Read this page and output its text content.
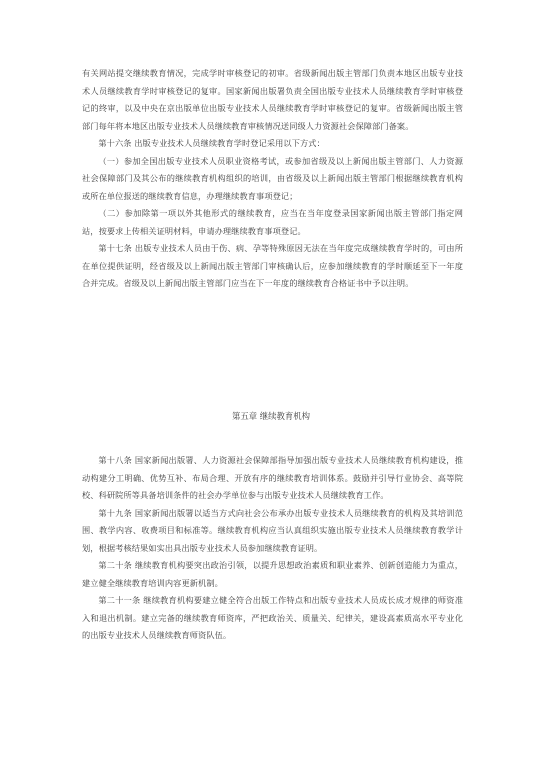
有关网站提交继续教育情况，完成学时审核登记的初审。省级新闻出版主管部门负责本地区出版专业技术人员继续教育学时审核登记的复审。国家新闻出版署负责全国出版专业技术人员继续教育学时审核登记的终审，以及中央在京出版单位出版专业技术人员继续教育学时审核登记的复审。省级新闻出版主管部门每年将本地区出版专业技术人员继续教育审核情况送同级人力资源社会保障部门备案。

第十六条 出版专业技术人员继续教育学时登记采用以下方式：

（一）参加全国出版专业技术人员职业资格考试，或参加省级及以上新闻出版主管部门、人力资源社会保障部门及其公布的继续教育机构组织的培训，由省级及以上新闻出版主管部门根据继续教育机构或所在单位报送的继续教育信息，办理继续教育事项登记；

（二）参加除第一项以外其他形式的继续教育，应当在当年度登录国家新闻出版主管部门指定网站，按要求上传相关证明材料，申请办理继续教育事项登记。

第十七条 出版专业技术人员由于伤、病、孕等特殊原因无法在当年度完成继续教育学时的，可由所在单位提供证明，经省级及以上新闻出版主管部门审核确认后，应参加继续教育的学时顺延至下一年度合并完成。省级及以上新闻出版主管部门应当在下一年度的继续教育合格证书中予以注明。

第五章 继续教育机构

第十八条 国家新闻出版署、人力资源社会保障部指导加强出版专业技术人员继续教育机构建设，推动构建分工明确、优势互补、布局合理、开放有序的继续教育培训体系。鼓励并引导行业协会、高等院校、科研院所等具备培训条件的社会办学单位参与出版专业技术人员继续教育工作。

第十九条 国家新闻出版署以适当方式向社会公布承办出版专业技术人员继续教育的机构及其培训范围、教学内容、收费项目和标准等。继续教育机构应当认真组织实施出版专业技术人员继续教育教学计划，根据考核结果如实出具出版专业技术人员参加继续教育证明。

第二十条 继续教育机构要突出政治引领，以提升思想政治素质和职业素养、创新创造能力为重点，建立健全继续教育培训内容更新机制。

第二十一条 继续教育机构要建立健全符合出版工作特点和出版专业技术人员成长成才规律的师资准入和退出机制。建立完备的继续教育师资库，严把政治关、质量关、纪律关，建设高素质高水平专业化的出版专业技术人员继续教育师资队伍。
